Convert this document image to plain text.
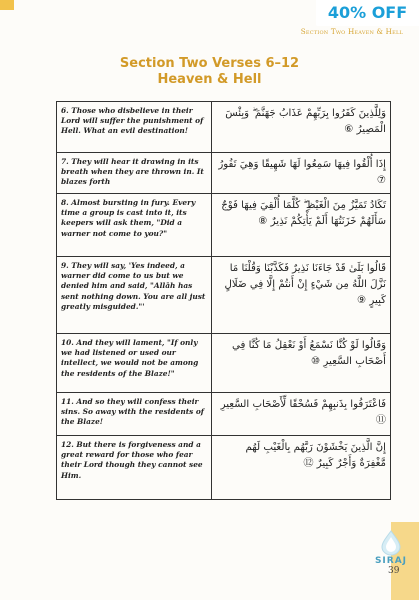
40% OFF
Section Two Heaven & Hell
Section Two Verses 6–12
Heaven & Hell
6. Those who disbelieve in their Lord will suffer the punishment of Hell. What an evil destination!	وَلِلَّذِينَ كَفَرُوا بِرَبِّهِمْ عَذَابُ جَهَنَّمَ ۖ وَبِئْسَ الْمَصِيرُ ⑥
7. They will hear it drawing in its breath when they are thrown in. It blazes forth	إِذَا أُلْقُوا فِيهَا سَمِعُوا لَهَا شَهِيقًا وَهِيَ تَفُورُ ⑦
8. Almost bursting in fury. Every time a group is cast into it, its keepers will ask them, "Did a warner not come to you?"	تَكَادُ تَمَيَّزُ مِنَ الْغَيْظِ ۖ كُلَّمَا أُلْقِيَ فِيهَا فَوْجٌ سَأَلَهُمْ خَزَنَتُهَا أَلَمْ يَأْتِكُمْ نَذِيرٌ ⑧
9. They will say, 'Yes indeed, a warner did come to us but we denied him and said, "Allāh has sent nothing down. You are all just greatly misguided."'	قَالُوا بَلَىٰ قَدْ جَاءَنَا نَذِيرٌ فَكَذَّبْنَا وَقُلْنَا مَا نَزَّلَ اللَّهُ مِن شَيْءٍ إِنْ أَنتُمْ إِلَّا فِي ضَلَالٍ كَبِيرٍ ⑨
10. And they will lament, "If only we had listened or used our intellect, we would not be among the residents of the Blaze!"	وَقَالُوا لَوْ كُنَّا نَسْمَعُ أَوْ نَعْقِلُ مَا كُنَّا فِي أَصْحَابِ السَّعِيرِ ⑩
11. And so they will confess their sins. So away with the residents of the Blaze!	فَاعْتَرَفُوا بِذَنبِهِمْ فَسُحْقًا لِّأَصْحَابِ السَّعِيرِ ⑪
12. But there is forgiveness and a great reward for those who fear their Lord though they cannot see Him.	إِنَّ الَّذِينَ يَخْشَوْنَ رَبَّهُم بِالْغَيْبِ لَهُم مَّغْفِرَةٌ وَأَجْرٌ كَبِيرٌ ⑫
SIRAJ
39
